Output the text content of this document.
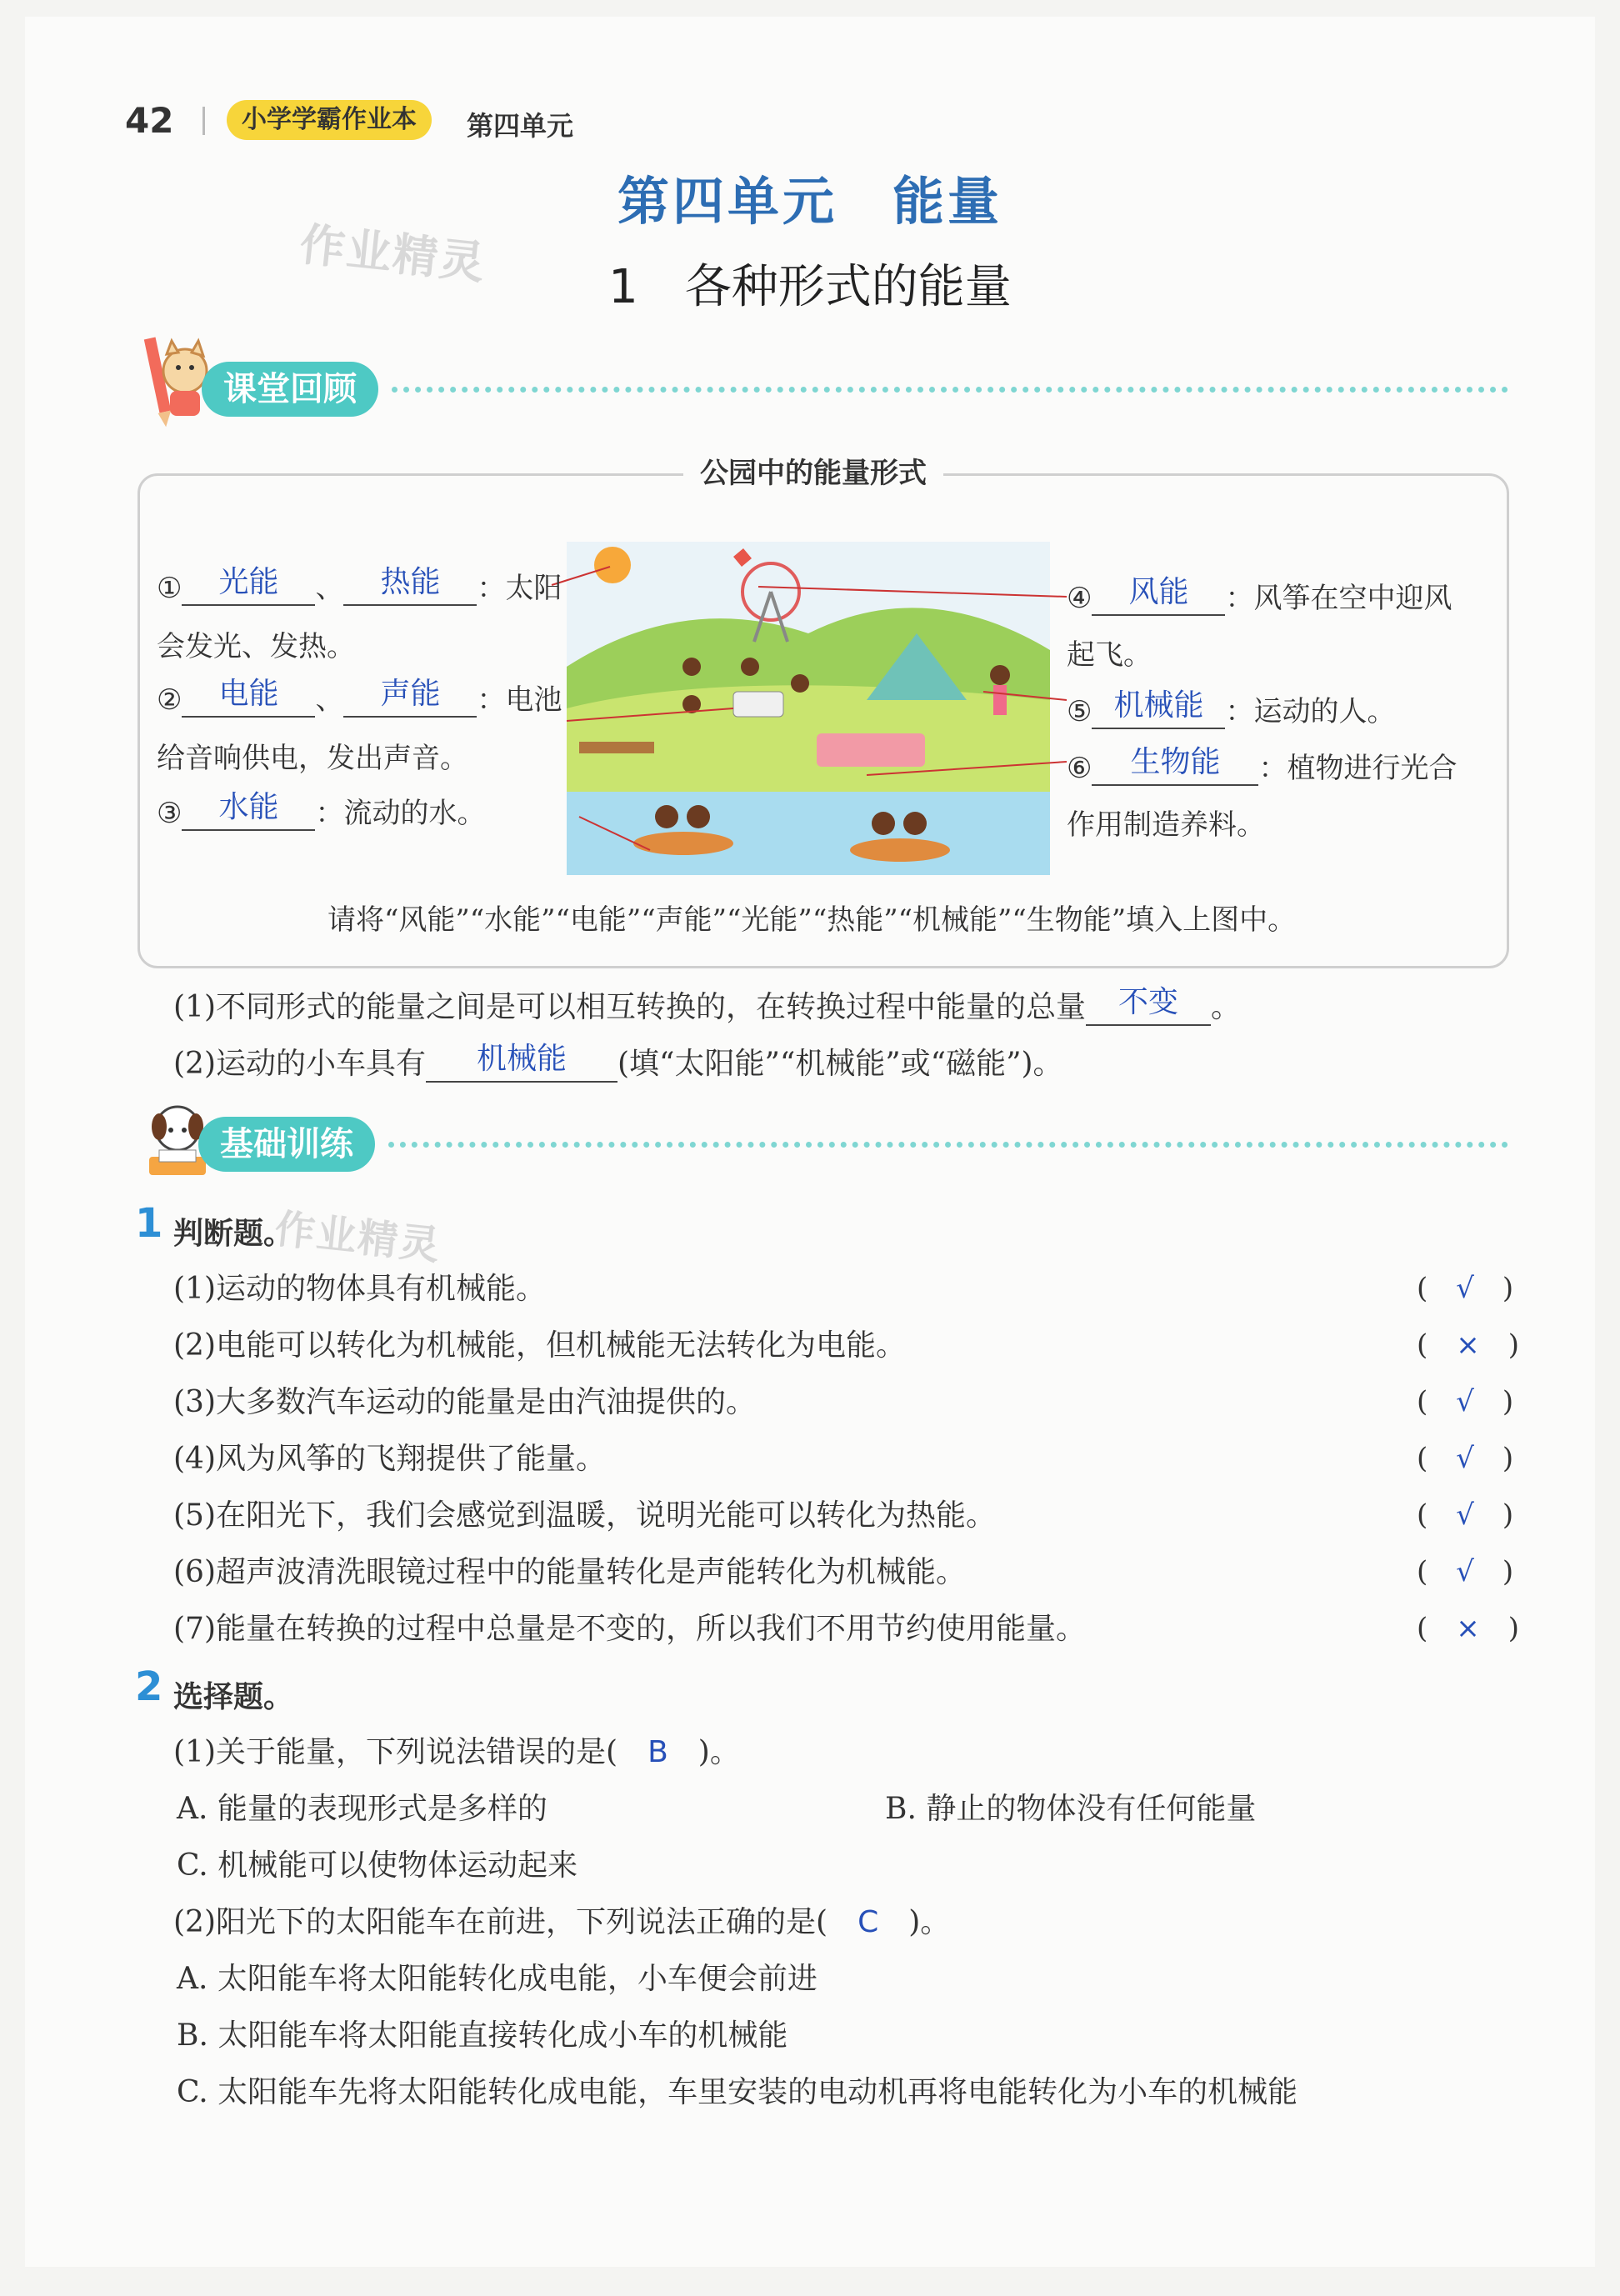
42	小学学霸作业本	第四单元
第四单元　能量
1　各种形式的能量
作业精灵
课堂回顾
公园中的能量形式
①	光能	、	热能	：太阳
会发光、发热。
②	电能	、	声能	：电池
给音响供电，发出声音。
③	水能	：流动的水。
④	风能	：风筝在空中迎风
起飞。
⑤ 机械能 ：运动的人。
⑥	生物能	：植物进行光合
作用制造养料。
请将“风能”“水能”“电能”“声能”“光能”“热能”“机械能”“生物能”填入上图中。
(1)不同形式的能量之间是可以相互转换的，在转换过程中能量的总量	不变	。
(2)运动的小车具有	机械能	(填“太阳能”“机械能”或“磁能”)。
基础训练
1 判断题。
作业精灵
(1)运动的物体具有机械能。	(　√　)
(2)电能可以转化为机械能，但机械能无法转化为电能。	(　×　)
(3)大多数汽车运动的能量是由汽油提供的。	(　√　)
(4)风为风筝的飞翔提供了能量。	(　√　)
(5)在阳光下，我们会感觉到温暖，说明光能可以转化为热能。	(　√　)
(6)超声波清洗眼镜过程中的能量转化是声能转化为机械能。	(　√　)
(7)能量在转换的过程中总量是不变的，所以我们不用节约使用能量。	(　×　)
2 选择题。
(1)关于能量，下列说法错误的是(　 B　 )。
A. 能量的表现形式是多样的	B. 静止的物体没有任何能量
C. 机械能可以使物体运动起来
(2)阳光下的太阳能车在前进，下列说法正确的是(　 C　 )。
A. 太阳能车将太阳能转化成电能，小车便会前进
B. 太阳能车将太阳能直接转化成小车的机械能
C. 太阳能车先将太阳能转化成电能，车里安装的电动机再将电能转化为小车的机械能
